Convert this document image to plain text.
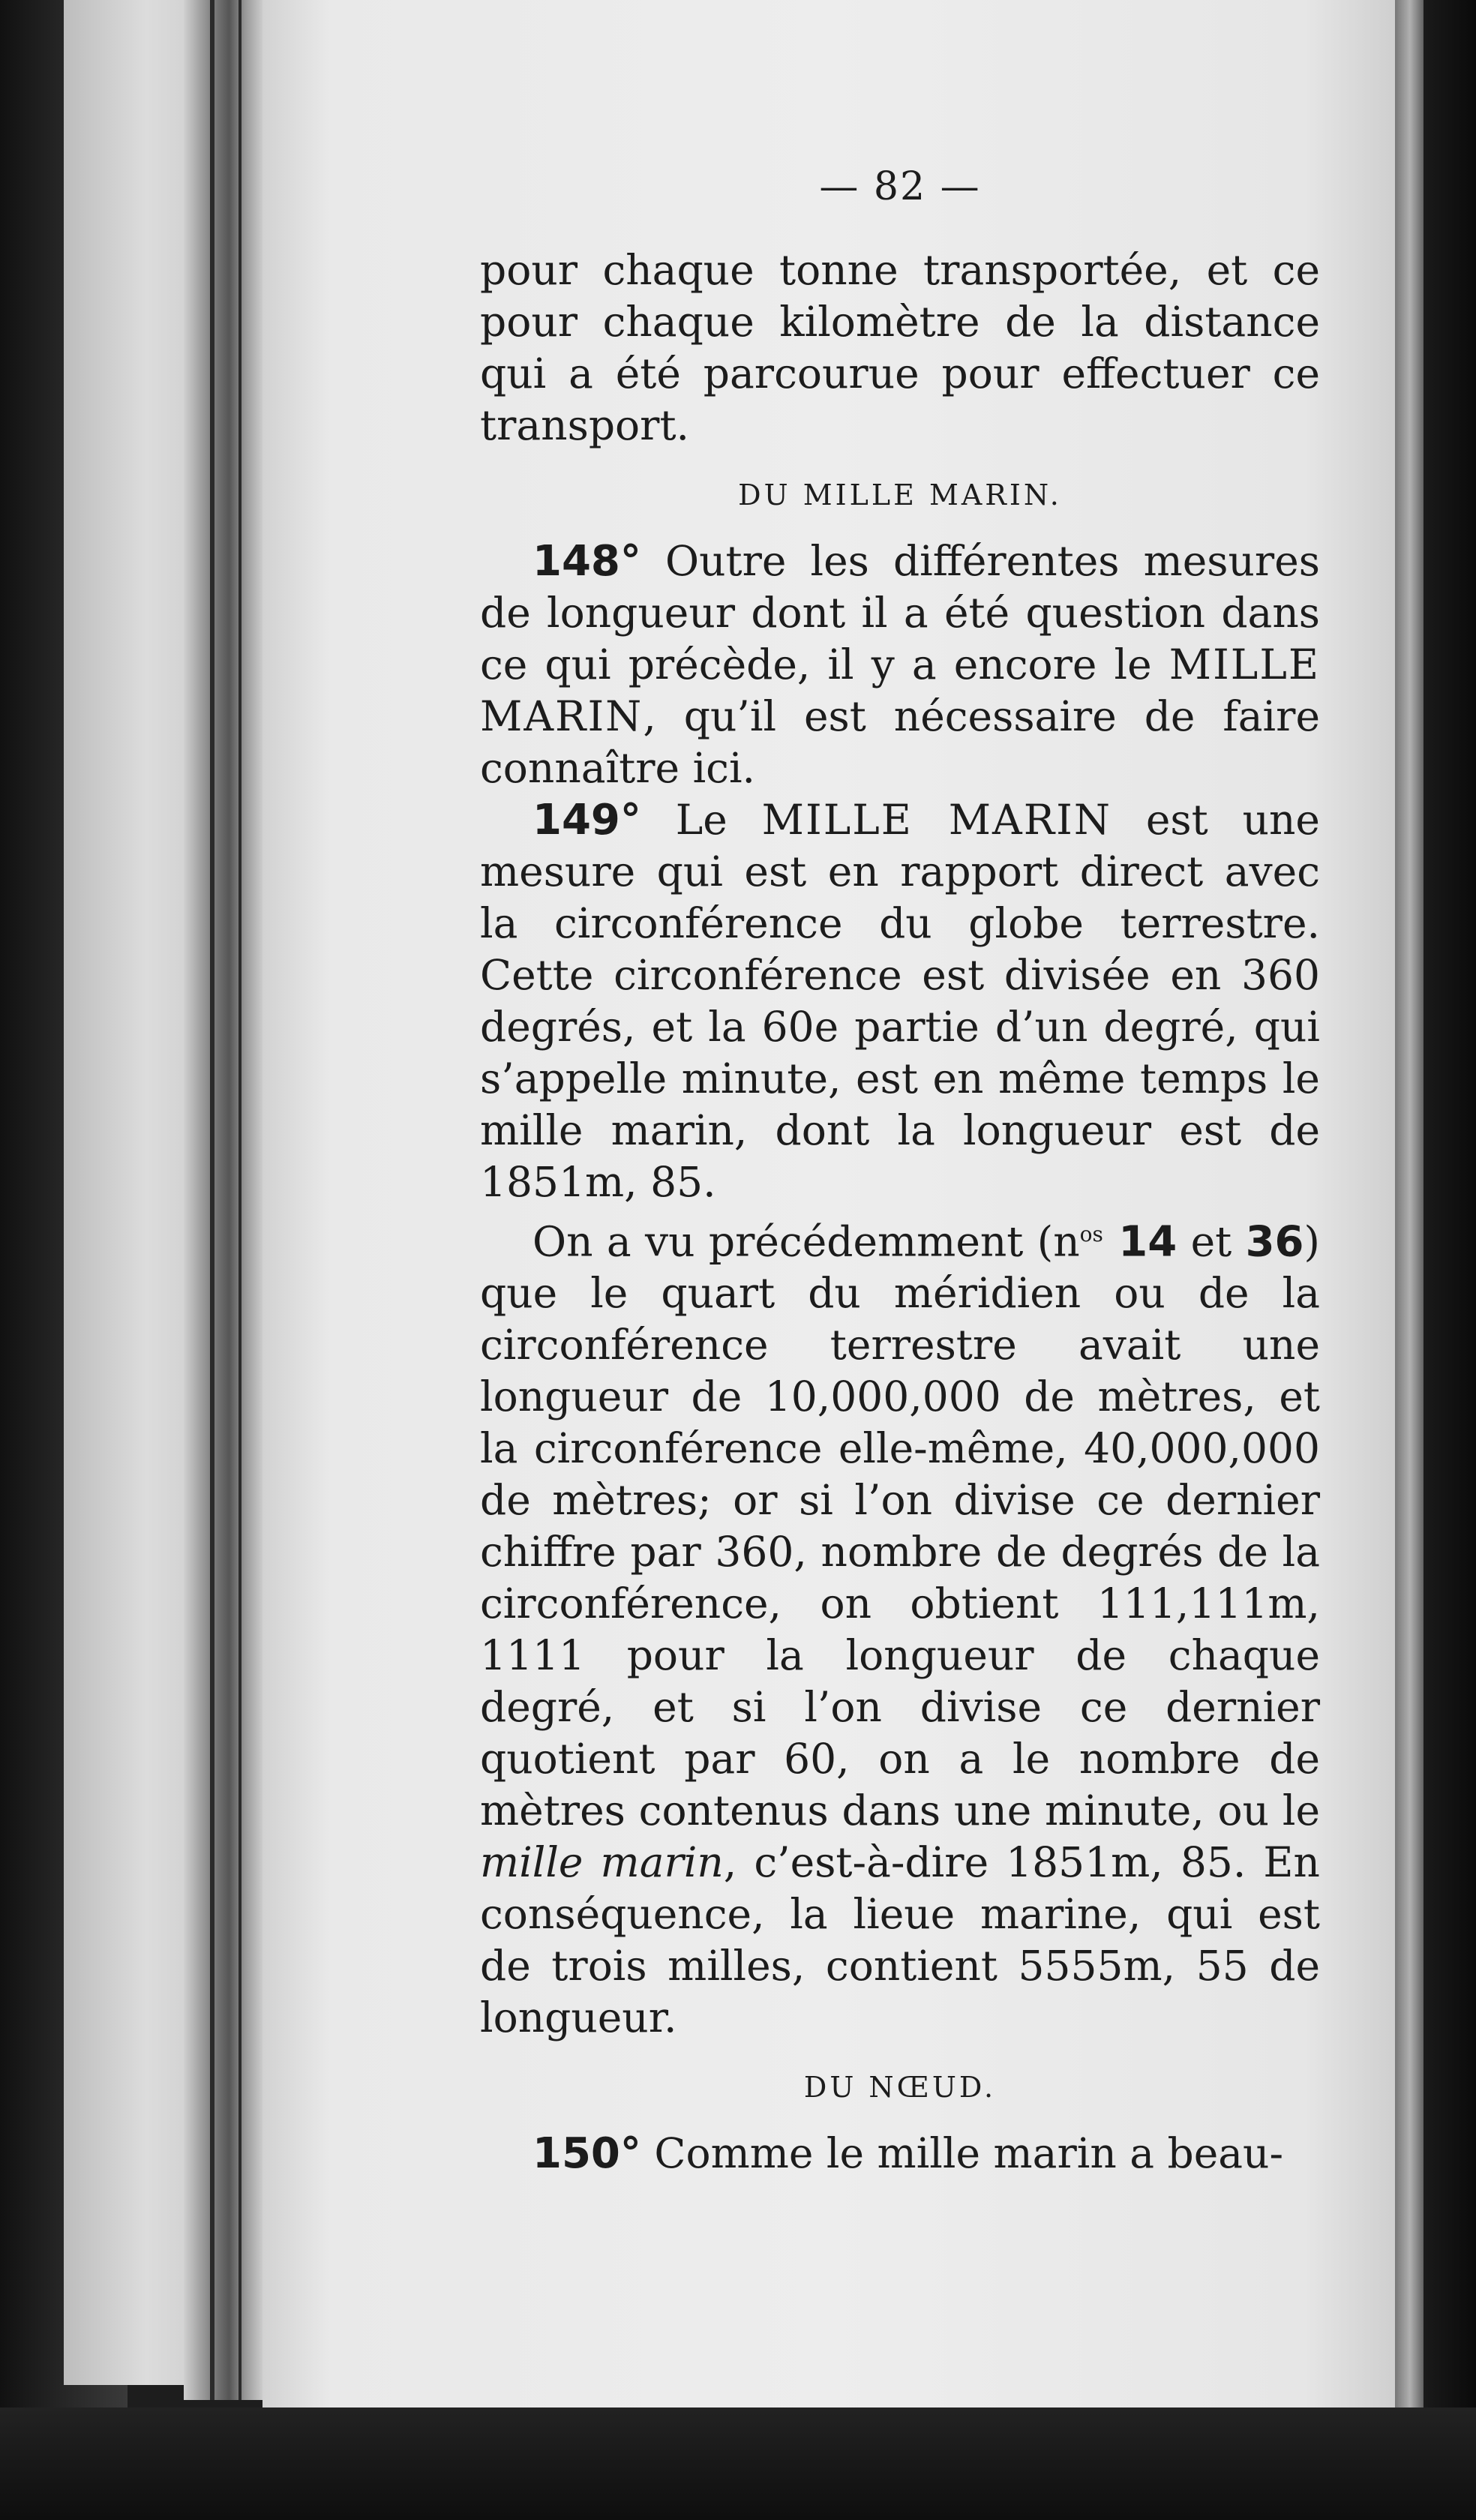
— 82 —

pour chaque tonne transportée, et ce pour chaque kilomètre de la distance qui a été parcourue pour effectuer ce transport.

DU MILLE MARIN.

148° Outre les différentes mesures de longueur dont il a été question dans ce qui précède, il y a encore le MILLE MARIN, qu’il est nécessaire de faire connaître ici.

149° Le MILLE MARIN est une mesure qui est en rapport direct avec la circonférence du globe terrestre. Cette circonférence est divisée en 360 degrés, et la 60e partie d’un degré, qui s’appelle minute, est en même temps le mille marin, dont la longueur est de 1851m, 85.

On a vu précédemment ($n^{os}$ 14 et 36) que le quart du méridien ou de la circonférence terrestre avait une longueur de 10,000,000 de mètres, et la circonférence elle-même, 40,000,000 de mètres; or si l’on divise ce dernier chiffre par 360, nombre de degrés de la circonférence, on obtient 111,111m, 1111 pour la longueur de chaque degré, et si l’on divise ce dernier quotient par 60, on a le nombre de mètres contenus dans une minute, ou le mille marin, c’est-à-dire 1851m, 85. En conséquence, la lieue marine, qui est de trois milles, contient 5555m, 55 de longueur.

DU NŒUD.

150° Comme le mille marin a beau-
